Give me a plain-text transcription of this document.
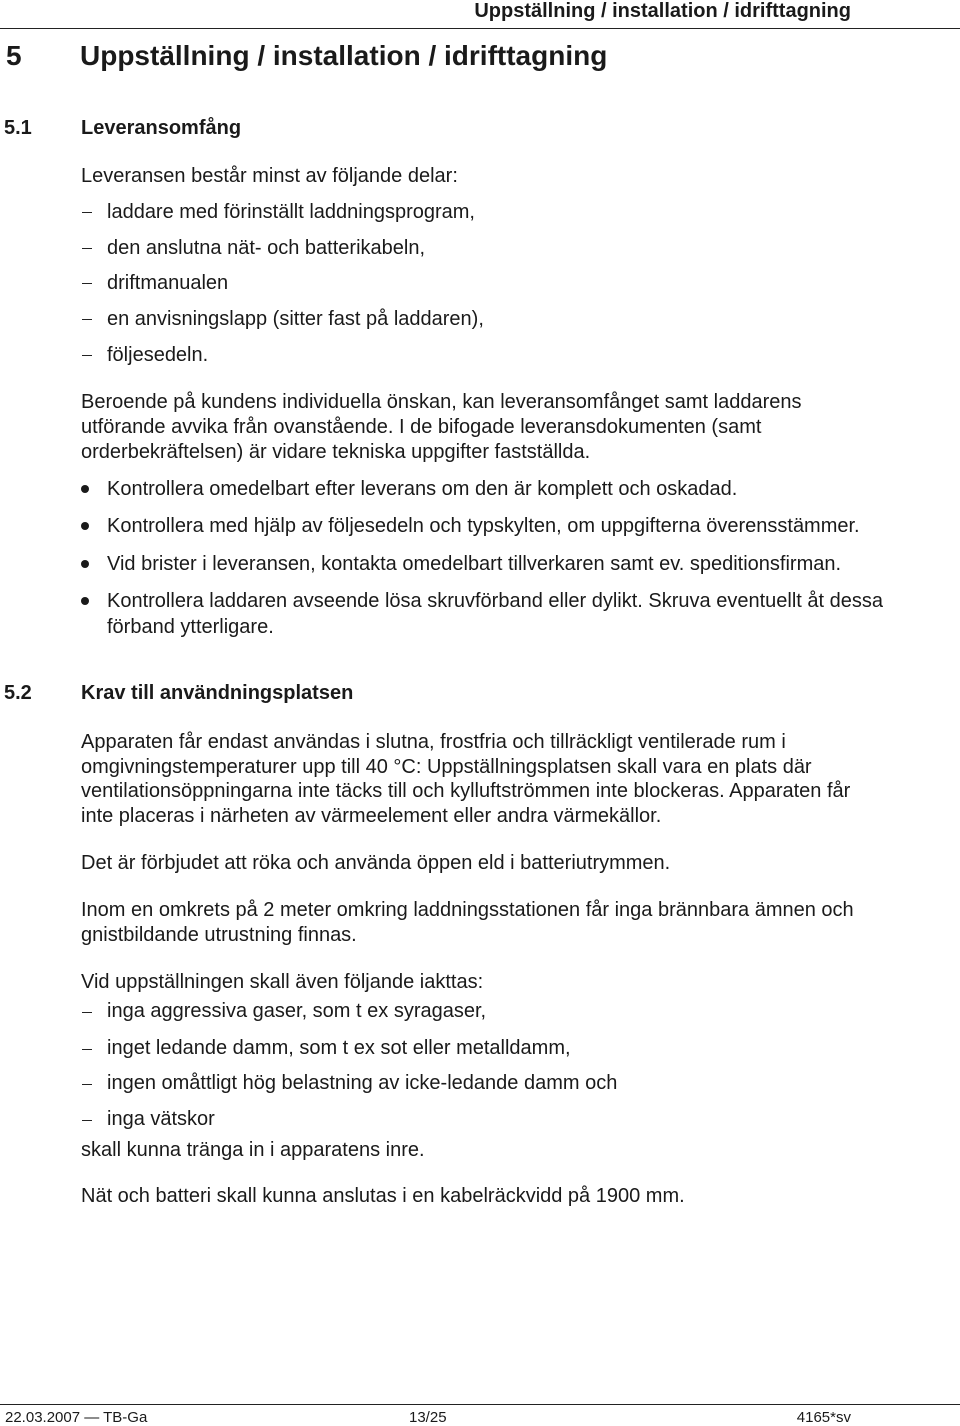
Uppställning / installation / idrifttagning
5 Uppställning / installation / idrifttagning
5.1 Leveransomfång
Leveransen består minst av följande delar:
laddare med förinställt laddningsprogram,
den anslutna nät- och batterikabeln,
driftmanualen
en anvisningslapp (sitter fast på laddaren),
följesedeln.
Beroende på kundens individuella önskan, kan leveransomfånget samt laddarens
utförande avvika från ovanstående. I de bifogade leveransdokumenten (samt
orderbekräftelsen) är vidare tekniska uppgifter fastställda.
Kontrollera omedelbart efter leverans om den är komplett och oskadad.
Kontrollera med hjälp av följesedeln och typskylten, om uppgifterna överensstämmer.
Vid brister i leveransen, kontakta omedelbart tillverkaren samt ev. speditionsfirman.
Kontrollera laddaren avseende lösa skruvförband eller dylikt. Skruva eventuellt åt dessa
förband ytterligare.
5.2 Krav till användningsplatsen
Apparaten får endast användas i slutna, frostfria och tillräckligt ventilerade rum i
omgivningstemperaturer upp till 40 °C: Uppställningsplatsen skall vara en plats där
ventilationsöppningarna inte täcks till och kylluftströmmen inte blockeras. Apparaten får
inte placeras i närheten av värmeelement eller andra värmekällor.
Det är förbjudet att röka och använda öppen eld i batteriutrymmen.
Inom en omkrets på 2 meter omkring laddningsstationen får inga brännbara ämnen och
gnistbildande utrustning finnas.
Vid uppställningen skall även följande iakttas:
inga aggressiva gaser, som t ex syragaser,
inget ledande damm, som t ex sot eller metalldamm,
ingen omåttligt hög belastning av icke-ledande damm och
inga vätskor
skall kunna tränga in i apparatens inre.
Nät och batteri skall kunna anslutas i en kabelräckvidd på 1900 mm.
22.03.2007 — TB-Ga	13/25	4165*sv
